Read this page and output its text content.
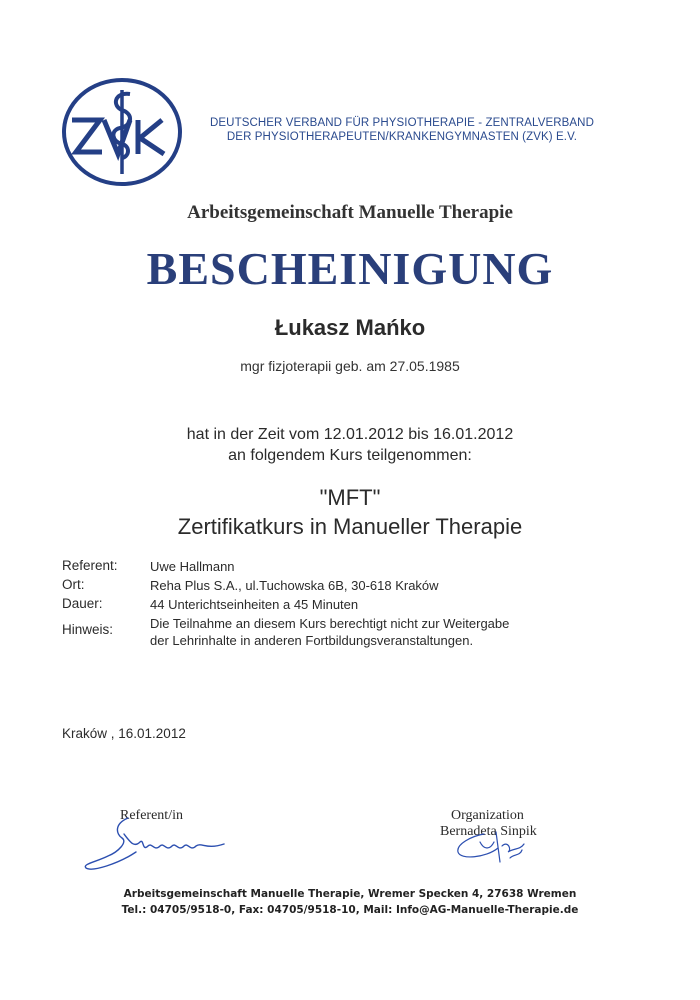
DEUTSCHER VERBAND FÜR PHYSIOTHERAPIE - ZENTRALVERBAND
DER PHYSIOTHERAPEUTEN/KRANKENGYMNASTEN (ZVK) E.V.
Arbeitsgemeinschaft Manuelle Therapie
BESCHEINIGUNG
Łukasz Mańko
mgr fizjoterapii geb. am 27.05.1985
hat in der Zeit vom 12.01.2012 bis 16.01.2012
an folgendem Kurs teilgenommen:
"MFT"
Zertifikatkurs in Manueller Therapie
Referent: Uwe Hallmann
Ort:	Reha Plus S.A., ul.Tuchowska 6B, 30-618 Kraków
Dauer:	44 Unterichtseinheiten a 45 Minuten
Hinweis:	Die Teilnahme an diesem Kurs berechtigt nicht zur Weitergabe
der Lehrinhalte in anderen Fortbildungsveranstaltungen.
Kraków , 16.01.2012
Referent/in	Organization
Bernadeta Sinpik
Arbeitsgemeinschaft Manuelle Therapie, Wremer Specken 4, 27638 Wremen
Tel.: 04705/9518-0, Fax: 04705/9518-10, Mail: Info@AG-Manuelle-Therapie.de
